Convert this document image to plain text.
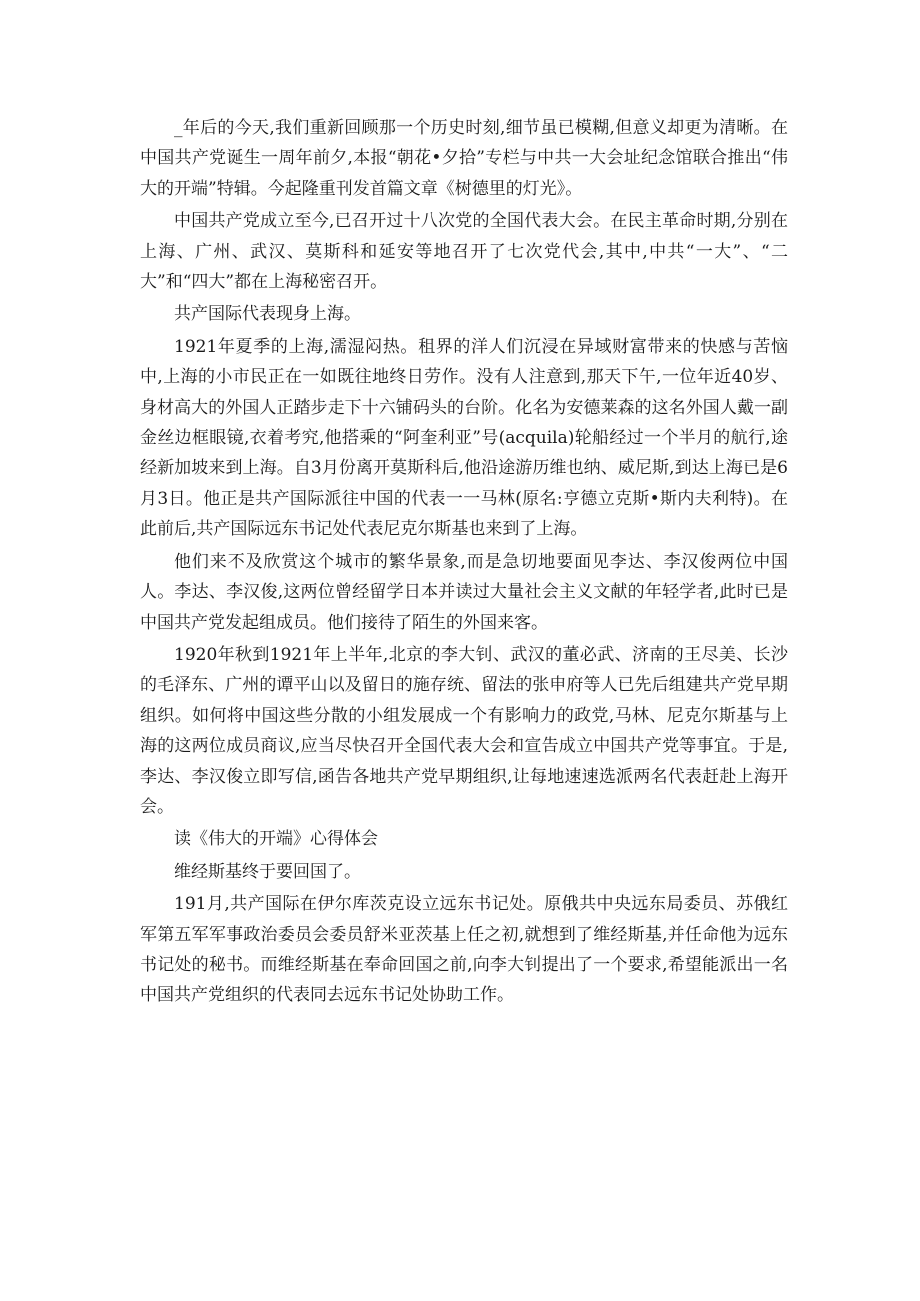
_年后的今天,我们重新回顾那一个历史时刻,细节虽已模糊,但意义却更为清晰。在中国共产党诞生一周年前夕,本报“朝花•夕拾”专栏与中共一大会址纪念馆联合推出“伟大的开端”特辑。今起隆重刊发首篇文章《树德里的灯光》。

中国共产党成立至今,已召开过十八次党的全国代表大会。在民主革命时期,分别在上海、广州、武汉、莫斯科和延安等地召开了七次党代会,其中,中共“一大”、“二大”和“四大”都在上海秘密召开。

共产国际代表现身上海。

1921年夏季的上海,濡湿闷热。租界的洋人们沉浸在异域财富带来的快感与苦恼中,上海的小市民正在一如既往地终日劳作。没有人注意到,那天下午,一位年近40岁、身材高大的外国人正踏步走下十六铺码头的台阶。化名为安德莱森的这名外国人戴一副金丝边框眼镜,衣着考究,他搭乘的“阿奎利亚”号(acquila)轮船经过一个半月的航行,途经新加坡来到上海。自3月份离开莫斯科后,他沿途游历维也纳、威尼斯,到达上海已是6月3日。他正是共产国际派往中国的代表一一马林(原名:亨德立克斯•斯内夫利特)。在此前后,共产国际远东书记处代表尼克尔斯基也来到了上海。

他们来不及欣赏这个城市的繁华景象,而是急切地要面见李达、李汉俊两位中国人。李达、李汉俊,这两位曾经留学日本并读过大量社会主义文献的年轻学者,此时已是中国共产党发起组成员。他们接待了陌生的外国来客。

1920年秋到1921年上半年,北京的李大钊、武汉的董必武、济南的王尽美、长沙的毛泽东、广州的谭平山以及留日的施存统、留法的张申府等人已先后组建共产党早期组织。如何将中国这些分散的小组发展成一个有影响力的政党,马林、尼克尔斯基与上海的这两位成员商议,应当尽快召开全国代表大会和宣告成立中国共产党等事宜。于是,李达、李汉俊立即写信,函告各地共产党早期组织,让每地速速选派两名代表赶赴上海开会。

读《伟大的开端》心得体会

维经斯基终于要回国了。

191月,共产国际在伊尔库茨克设立远东书记处。原俄共中央远东局委员、苏俄红军第五军军事政治委员会委员舒米亚茨基上任之初,就想到了维经斯基,并任命他为远东书记处的秘书。而维经斯基在奉命回国之前,向李大钊提出了一个要求,希望能派出一名中国共产党组织的代表同去远东书记处协助工作。
